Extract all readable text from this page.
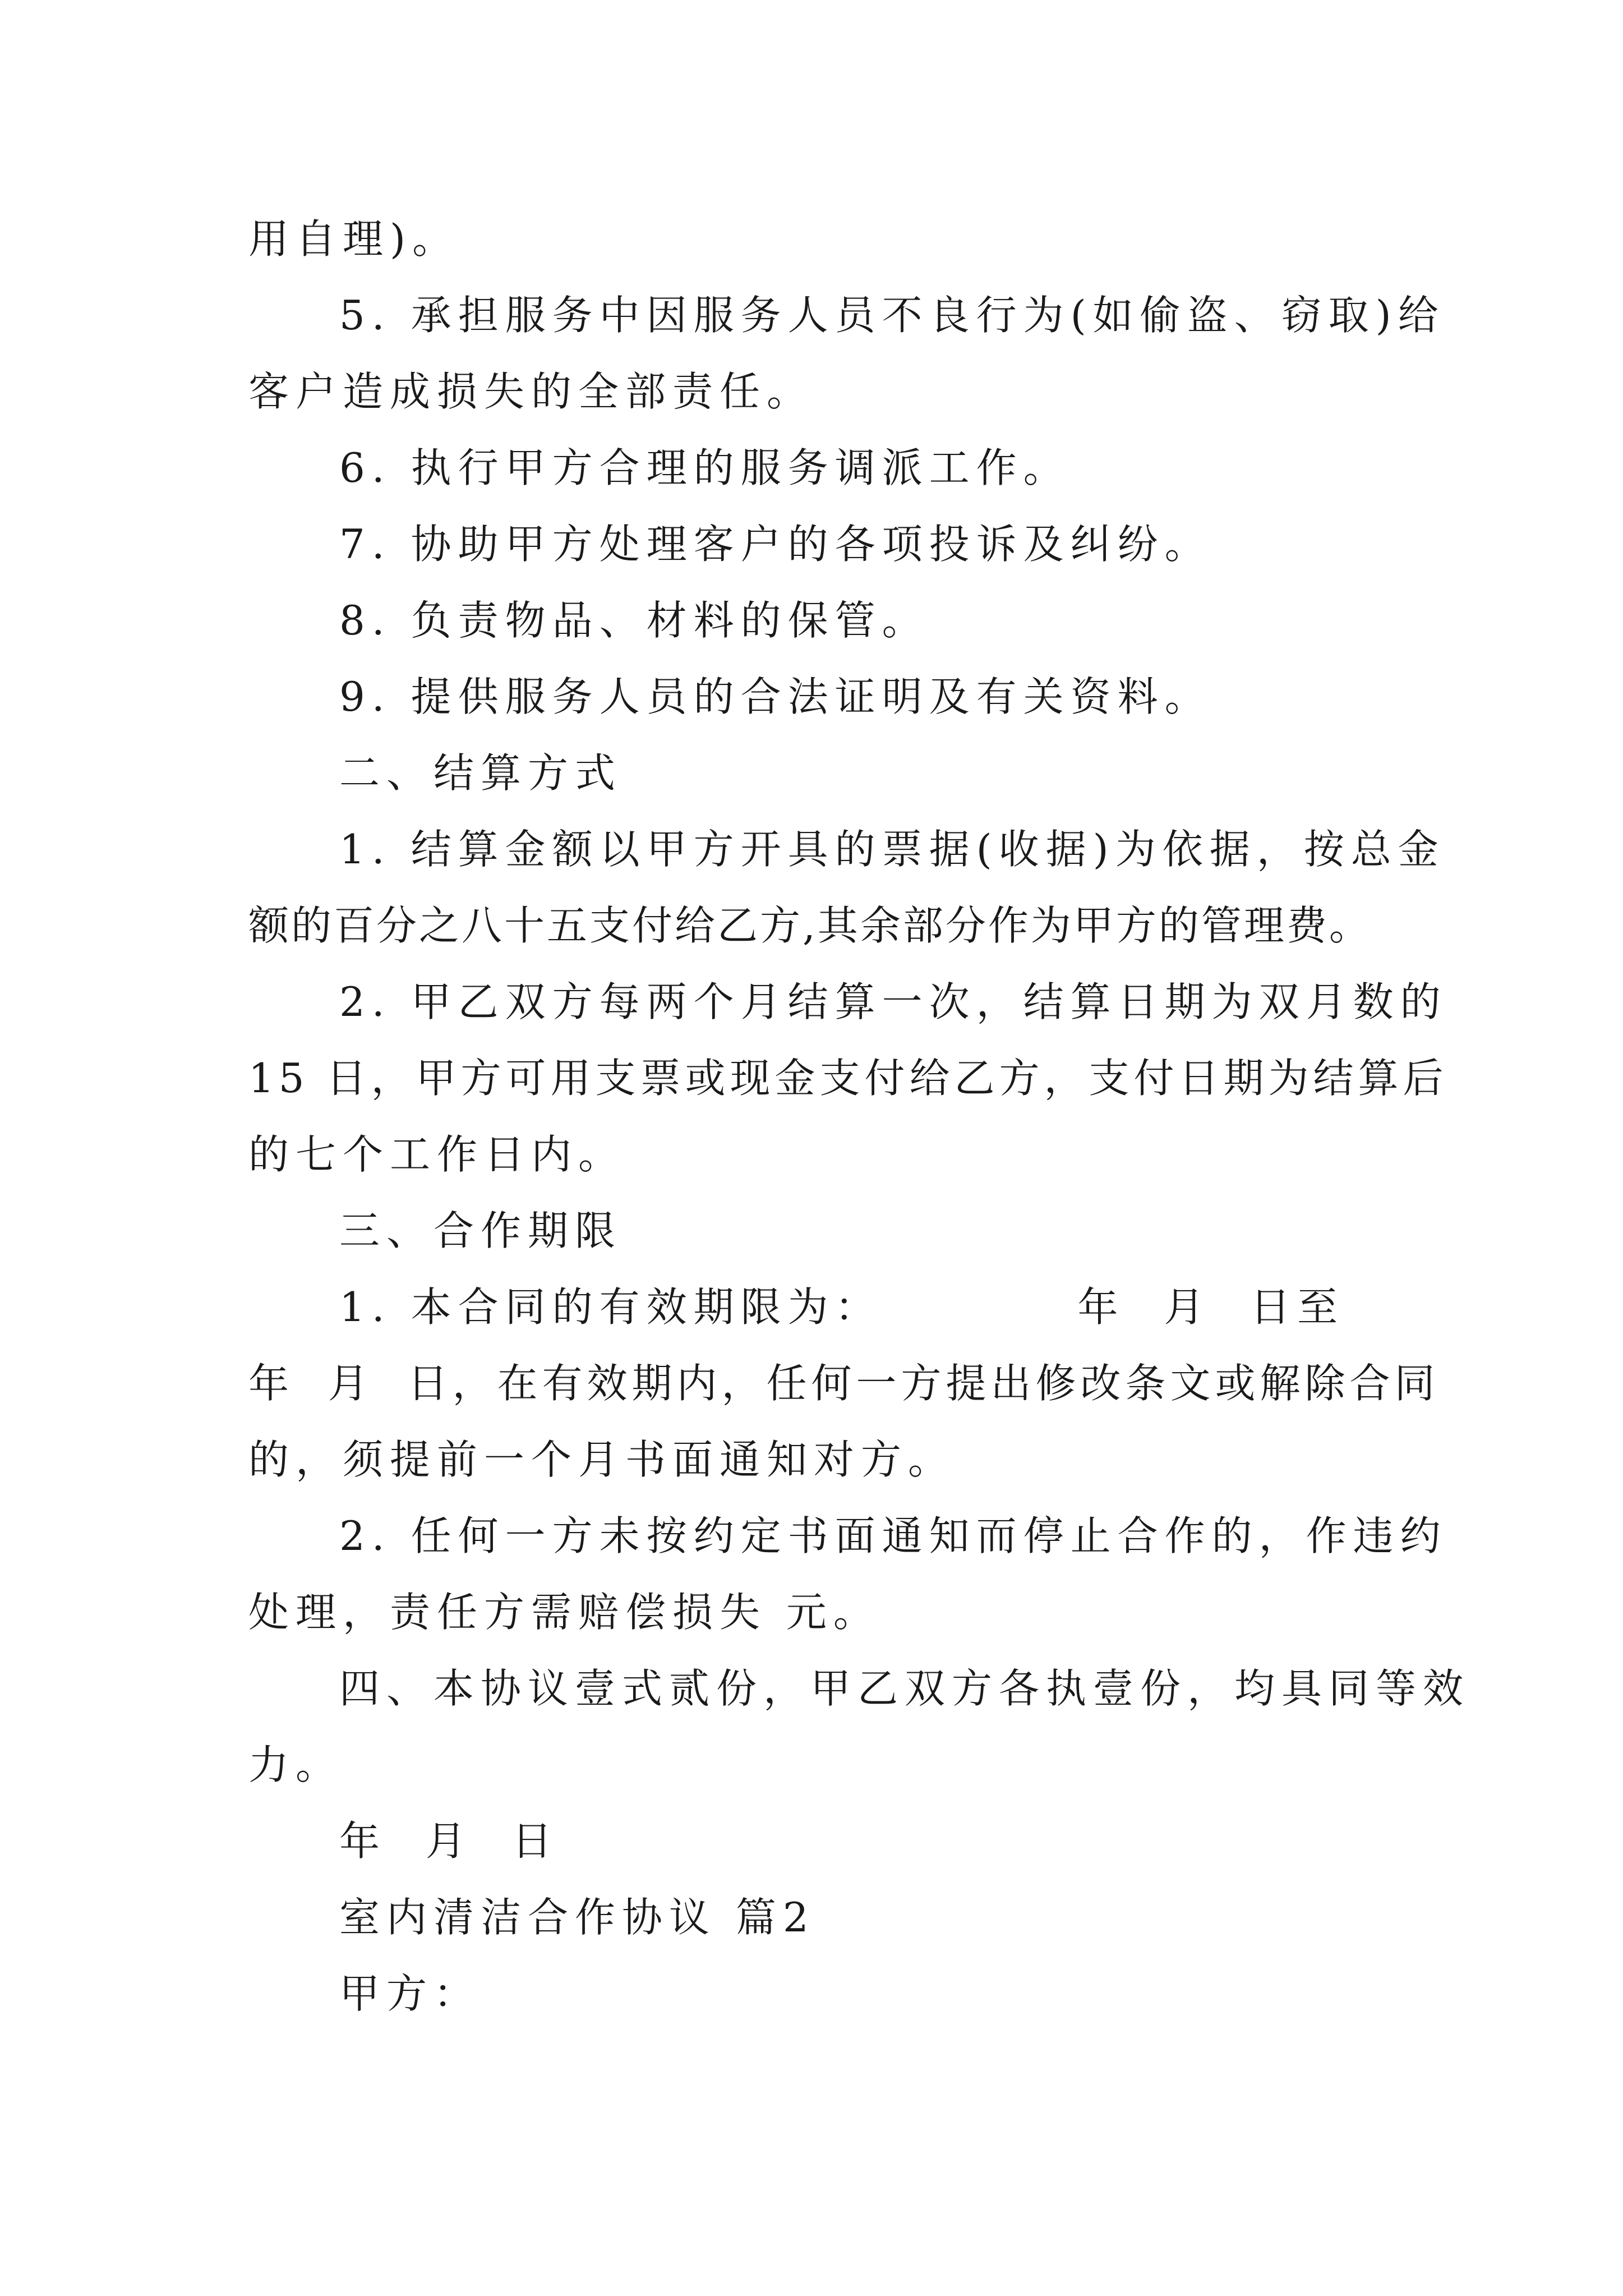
用自理)。
5. 承担服务中因服务人员不良行为(如偷盗、窃取)给
客户造成损失的全部责任。
6. 执行甲方合理的服务调派工作。
7. 协助甲方处理客户的各项投诉及纠纷。
8. 负责物品、材料的保管。
9. 提供服务人员的合法证明及有关资料。
二、结算方式
1. 结算金额以甲方开具的票据(收据)为依据，按总金
额的百分之八十五支付给乙方,其余部分作为甲方的管理费。
2. 甲乙双方每两个月结算一次，结算日期为双月数的
15 日，甲方可用支票或现金支付给乙方，支付日期为结算后
的七个工作日内。
三、合作期限
1. 本合同的有效期限为：          年  月  日至
年  月  日，在有效期内，任何一方提出修改条文或解除合同
的，须提前一个月书面通知对方。
2. 任何一方未按约定书面通知而停止合作的，作违约
处理，责任方需赔偿损失 元。
四、本协议壹式贰份，甲乙双方各执壹份，均具同等效
力。
年  月  日
室内清洁合作协议 篇2
甲方：
